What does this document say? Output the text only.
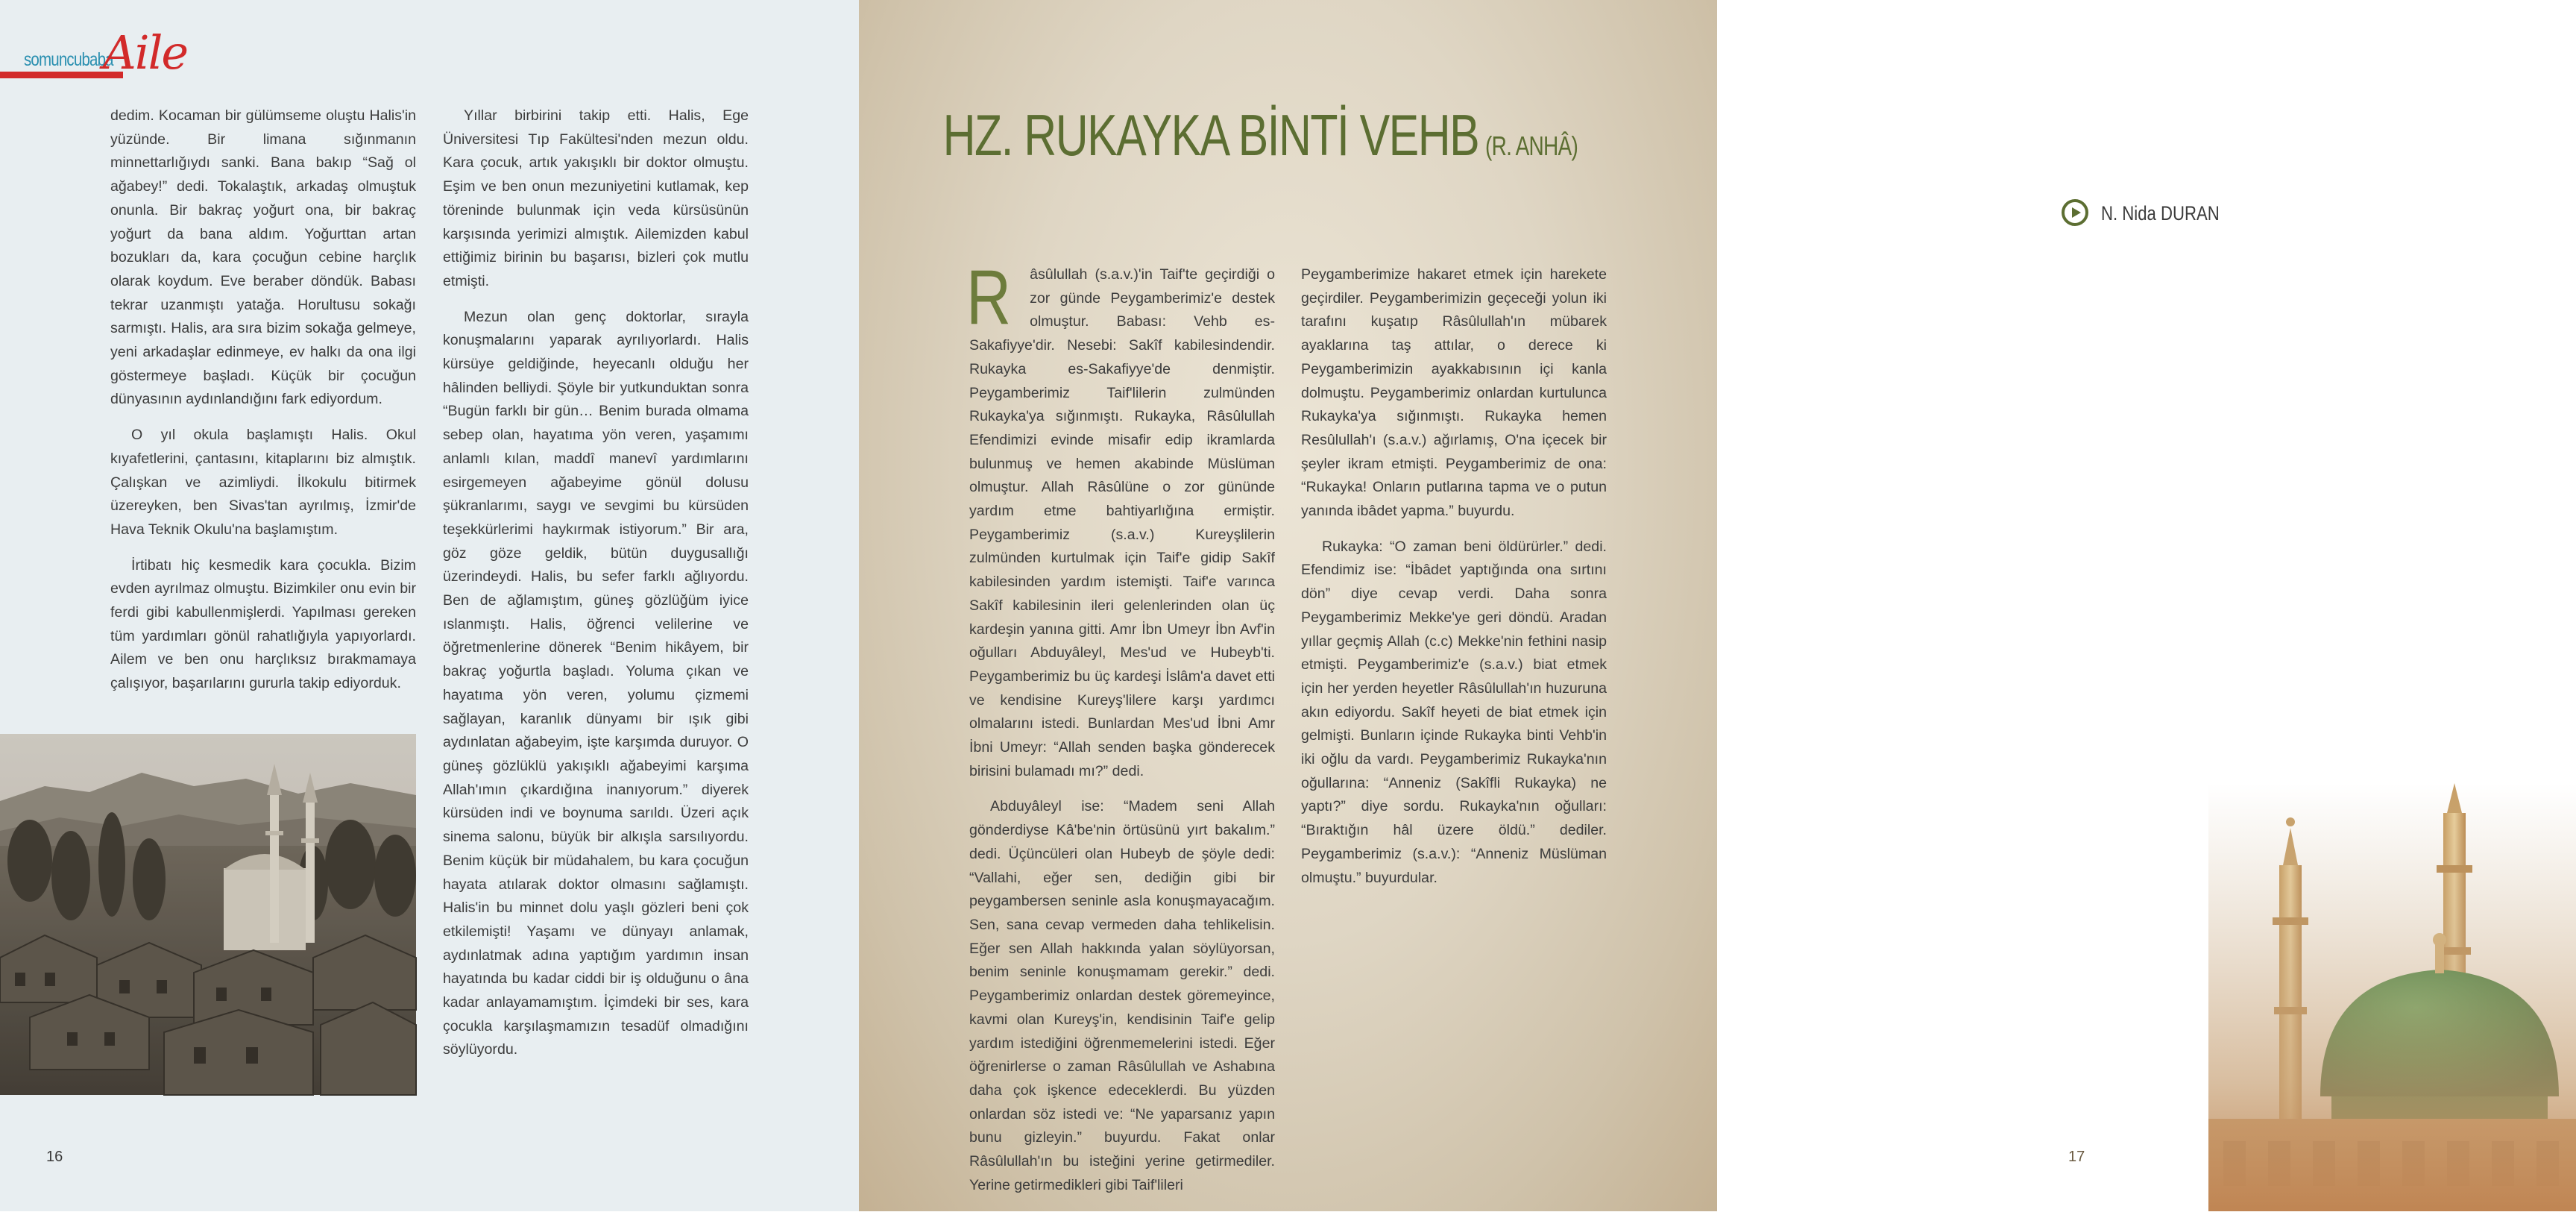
somuncubaba
Aile

dedim. Kocaman bir gülümseme oluştu Halis'in yüzünde. Bir limana sığınmanın minnettarlığıydı sanki. Bana bakıp “Sağ ol ağabey!” dedi. Tokalaştık, arkadaş olmuştuk onunla. Bir bakraç yoğurt ona, bir bakraç yoğurt da bana aldım. Yoğurttan artan bozukları da, kara çocuğun cebine harçlık olarak koydum. Eve beraber döndük. Babası tekrar uzanmıştı yatağa. Horultusu sokağı sarmıştı. Halis, ara sıra bizim sokağa gelmeye, yeni arkadaşlar edinmeye, ev halkı da ona ilgi göstermeye başladı. Küçük bir çocuğun dünyasının aydınlandığını fark ediyordum.

O yıl okula başlamıştı Halis. Okul kıyafetlerini, çantasını, kitaplarını biz almıştık. Çalışkan ve azimliydi. İlkokulu bitirmek üzereyken, ben Sivas'tan ayrılmış, İzmir'de Hava Teknik Okulu'na başlamıştım.

İrtibatı hiç kesmedik kara çocukla. Bizim evden ayrılmaz olmuştu. Bizimkiler onu evin bir ferdi gibi kabullenmişlerdi. Yapılması gereken tüm yardımları gönül rahatlığıyla yapıyorlardı. Ailem ve ben onu harçlıksız bırakmamaya çalışıyor, başarılarını gururla takip ediyorduk.

Yıllar birbirini takip etti. Halis, Ege Üniversitesi Tıp Fakültesi'nden mezun oldu. Kara çocuk, artık yakışıklı bir doktor olmuştu. Eşim ve ben onun mezuniyetini kutlamak, kep töreninde bulunmak için veda kürsüsünün karşısında yerimizi almıştık. Ailemizden kabul ettiğimiz birinin bu başarısı, bizleri çok mutlu etmişti.

Mezun olan genç doktorlar, sırayla konuşmalarını yaparak ayrılıyorlardı. Halis kürsüye geldiğinde, heyecanlı olduğu her hâlinden belliydi. Şöyle bir yutkunduktan sonra “Bugün farklı bir gün… Benim burada olmama sebep olan, hayatıma yön veren, yaşamımı anlamlı kılan, maddî manevî yardımlarını esirgemeyen ağabeyime gönül dolusu şükranlarımı, saygı ve sevgimi bu kürsüden teşekkürlerimi haykırmak istiyorum.” Bir ara, göz göze geldik, bütün duygusallığı üzerindeydi. Halis, bu sefer farklı ağlıyordu. Ben de ağlamıştım, güneş gözlüğüm iyice ıslanmıştı. Halis, öğrenci velilerine ve öğretmenlerine dönerek “Benim hikâyem, bir bakraç yoğurtla başladı. Yoluma çıkan ve hayatıma yön veren, yolumu çizmemi sağlayan, karanlık dünyamı bir ışık gibi aydınlatan ağabeyim, işte karşımda duruyor. O güneş gözlüklü yakışıklı ağabeyimi karşıma Allah'ımın çıkardığına inanıyorum.” diyerek kürsüden indi ve boynuma sarıldı. Üzeri açık sinema salonu, büyük bir alkışla sarsılıyordu. Benim küçük bir müdahalem, bu kara çocuğun hayata atılarak doktor olmasını sağlamıştı. Halis'in bu minnet dolu yaşlı gözleri beni çok etkilemişti! Yaşamı ve dünyayı anlamak, aydınlatmak adına yaptığım yardımın insan hayatında bu kadar ciddi bir iş olduğunu o âna kadar anlayamamıştım. İçimdeki bir ses, kara çocukla karşılaşmamızın tesadüf olmadığını söylüyordu.

16
HZ. RUKAYKA BİNTİ VEHB (R. ANHÂ)
N. Nida DURAN
17

R âsûlullah (s.a.v.)'in Taif'te geçirdiği o zor günde Peygamberimiz'e destek olmuştur. Babası: Vehb es-Sakafiyye'dir. Nesebi: Sakîf kabilesindendir. Rukayka es-Sakafiyye'de denmiştir. Peygamberimiz Taif'lilerin zulmünden Rukayka'ya sığınmıştı. Rukayka, Râsûlullah Efendimizi evinde misafir edip ikramlarda bulunmuş ve hemen akabinde Müslüman olmuştur. Allah Râsûlüne o zor gününde yardım etme bahtiyarlığına ermiştir. Peygamberimiz (s.a.v.) Kureyşlilerin zulmünden kurtulmak için Taif'e gidip Sakîf kabilesinden yardım istemişti. Taif'e varınca Sakîf kabilesinin ileri gelenlerinden olan üç kardeşin yanına gitti. Amr İbn Umeyr İbn Avf'in oğulları Abduyâleyl, Mes'ud ve Hubeyb'ti. Peygamberimiz bu üç kardeşi İslâm'a davet etti ve kendisine Kureyş'lilere karşı yardımcı olmalarını istedi. Bunlardan Mes'ud İbni Amr İbni Umeyr: “Allah senden başka gönderecek birisini bulamadı mı?” dedi.

Abduyâleyl ise: “Madem seni Allah gönderdiyse Kâ'be'nin örtüsünü yırt bakalım.” dedi. Üçüncüleri olan Hubeyb de şöyle dedi: “Vallahi, eğer sen, dediğin gibi bir peygambersen seninle asla konuşmayacağım. Sen, sana cevap vermeden daha tehlikelisin. Eğer sen Allah hakkında yalan söylüyorsan, benim seninle konuşmamam gerekir.” dedi. Peygamberimiz onlardan destek göremeyince, kavmi olan Kureyş'in, kendisinin Taif'e gelip yardım istediğini öğrenmemelerini istedi. Eğer öğrenirlerse o zaman Râsûlullah ve Ashabına daha çok işkence edeceklerdi. Bu yüzden onlardan söz istedi ve: “Ne yaparsanız yapın bunu gizleyin.” buyurdu. Fakat onlar Râsûlullah'ın bu isteğini yerine getirmediler. Yerine getirmedikleri gibi Taif'lileri

Peygamberimize hakaret etmek için harekete geçirdiler. Peygamberimizin geçeceği yolun iki tarafını kuşatıp Râsûlullah'ın mübarek ayaklarına taş attılar, o derece ki Peygamberimizin ayakkabısının içi kanla dolmuştu. Peygamberimiz onlardan kurtulunca Rukayka'ya sığınmıştı. Rukayka hemen Resûlullah'ı (s.a.v.) ağırlamış, O'na içecek bir şeyler ikram etmişti. Peygamberimiz de ona: “Rukayka! Onların putlarına tapma ve o putun yanında ibâdet yapma.” buyurdu.

Rukayka: “O zaman beni öldürürler.” dedi. Efendimiz ise: “İbâdet yaptığında ona sırtını dön” diye cevap verdi. Daha sonra Peygamberimiz Mekke'ye geri döndü. Aradan yıllar geçmiş Allah (c.c) Mekke'nin fethini nasip etmişti. Peygamberimiz'e (s.a.v.) biat etmek için her yerden heyetler Râsûlullah'ın huzuruna akın ediyordu. Sakîf heyeti de biat etmek için gelmişti. Bunların içinde Rukayka binti Vehb'in iki oğlu da vardı. Peygamberimiz Rukayka'nın oğullarına: “Anneniz (Sakîfli Rukayka) ne yaptı?” diye sordu. Rukayka'nın oğulları: “Bıraktığın hâl üzere öldü.” dediler. Peygamberimiz (s.a.v.): “Anneniz Müslüman olmuştu.” buyurdular.
